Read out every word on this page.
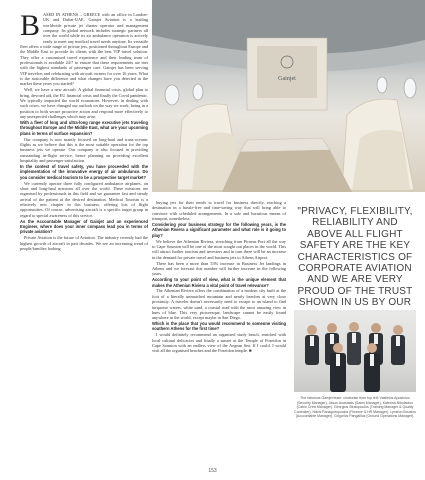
B ASED IN ATHENS – GREECE with an office in London-UK and Dubai-UAE, Gainjet Aviation is a leading worldwide private jet charter operator and management company. Its global network includes strategic partners all over the world while its air ambulance operation is actively ready to meet any medical travel needs anytime. Its versatile fleet offers a wide range of private jets, positioned throughout Europe and the Middle East to provide its clients with the best VIP travel solution. They offer a customised travel experience and their leading team of professionals is available 24/7 to ensure that these requirements are met with the highest standards of passenger care. Gainjet has been serving VIP travelers and celebrating with aircraft owners for over 16 years. What is the noticeable difference and what changes have you detected in the market these years you started?

Well, we have a new aircraft. A global financial crisis, global plan to bring, devoted aid, the EU financial crisis and finally the Covid pandemic. We typically impacted the world economies. However, in dealing with such crises, we have changed our outlook on the way we work, being in a position to both secure proactive action and respond more effectively to any unexpected challenges which may arise.

With a fleet of long and ultra-long range executive jets traveling throughout Europe and the Middle East, what are your upcoming plans in terms of surface expansion?

Our company is now mainly focused on long-haul and trans-oceanic flights as we believe that this is the most suitable operation for the top business jets we operate. Our company is also focused in providing outstanding in-flight service, hence planning on providing excellent hospitality and passenger satisfaction.

In the context of travel safety, you have proceeded with the implementation of the innovative energy of air ambulance. Do you consider medical tourism to be a prospective target market?

We currently operate three fully configured ambulance airplanes, on short and long-haul missions all over the world. These missions are organised by professionals in this field and we guarantee fast and steady arrival of the patient at the desired destination. Medical Tourism is a relatively new chapter in this business, offering lots of flight opportunities. Of course, advertising aircraft is a specific target group in regard to special awareness of this service.

As the Accountable Manager of Gainjet and an experienced Engineer, where does your inner compass lead you in terms of private aviation?

Private Aviation is the future of Aviation. The industry recently had the highest growth of aircraft in past decades. We see an increasing trend of people/families looking

Gainjet

buying jets for their needs to travel for business directly, reaching a destination in a hassle-free and time-saving way that will bring able to convince with scheduled arrangements. In a safe and luxurious means of transport, nonetheless.

Considering your business strategy for the following years, is the Athenian Riviera a significant parameter and what role is it going to play?

We believe the Athenian Riviera, stretching from Piraeus Port all the way to Cape Sounion will be one of the most sought out places in the world. This will attract further tourism and investors and in turn there will be an increase in the demand for private travel and business jets to Athens Airport.

There has been a more than 53% increase in Business Jet landings in Athens and we forecast this number will further increase in the following years.

According to your point of view, what is the unique element that makes the Athenian Riviera a vital point of travel relevance?

The Athenian Riviera offers the combination of a modern city built at the foot of a literally unmatched mountain and nearly beaches at very close proximity. A traveler doesn't necessarily need to escape to an island to find turquoise waters, white sand, a coastal road with the most amazing view in hues of blue. This very picturesque, landscape cannot be easily found anywhere in the world, except maybe in San Diego.

Which is the place that you would recommend to someone visiting southern Athens for the first time?

I would definitely recommend an organised study beach, enriched with local cultural delicacies and finally a sunset at the Temple of Poseidon in Cape Sounion with an endless view of the Aegean Sea. If I could, I would visit all the organised beaches and the Poseidon temple. ■

"PRIVACY, FLEXIBILITY, RELIABILITY AND ABOVE ALL FLIGHT SAFETY ARE THE KEY CHARACTERISTICS OF CORPORATE AVIATION AND WE ARE VERY PROUD OF THE TRUST SHOWN IN US BY OUR

The fabulous Gainjet team: clockwise from top left: Vasileios Apostolou (Security Manager), Jason Anastasis (Sales Manager), Katerina Nikolaidou (Cabin Crew Manager), Georgios Stratopoulos (Training Manager & Quality Controller), Nikos Panagiotopoulos (Finance & HR Manager), Lymeon Bousios (Accountable Manager), Grigorios Pangalilos (Ground Operations Manager).

153
